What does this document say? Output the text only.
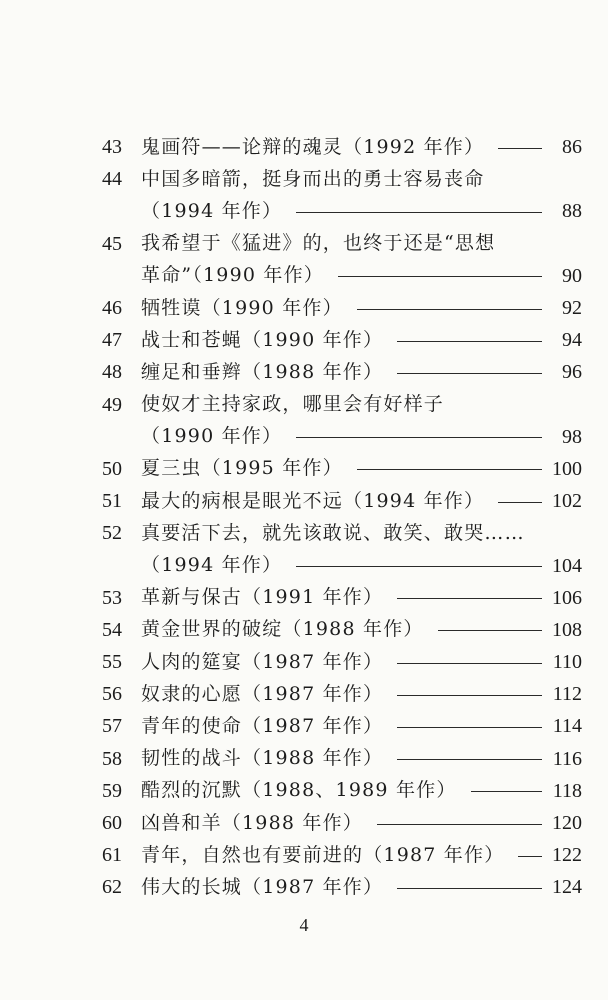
43 鬼画符——论辩的魂灵（1992 年作）	86
44 中国多暗箭，挺身而出的勇士容易丧命
（1994 年作）	88
45 我希望于《猛进》的，也终于还是“思想
革命”（1990 年作）	90
46 牺牲谟（1990 年作）	92
47 战士和苍蝇（1990 年作）	94
48 缠足和垂辫（1988 年作）	96
49 使奴才主持家政，哪里会有好样子
（1990 年作）	98
50 夏三虫（1995 年作）	100
51 最大的病根是眼光不远（1994 年作）	102
52 真要活下去，就先该敢说、敢笑、敢哭……
（1994 年作）	104
53 革新与保古（1991 年作）	106
54 黄金世界的破绽（1988 年作）	108
55 人肉的筵宴（1987 年作）	110
56 奴隶的心愿（1987 年作）	112
57 青年的使命（1987 年作）	114
58 韧性的战斗（1988 年作）	116
59 酷烈的沉默（1988、1989 年作）	118
60 凶兽和羊（1988 年作）	120
61 青年，自然也有要前进的（1987 年作）	122
62 伟大的长城（1987 年作）	124
4
